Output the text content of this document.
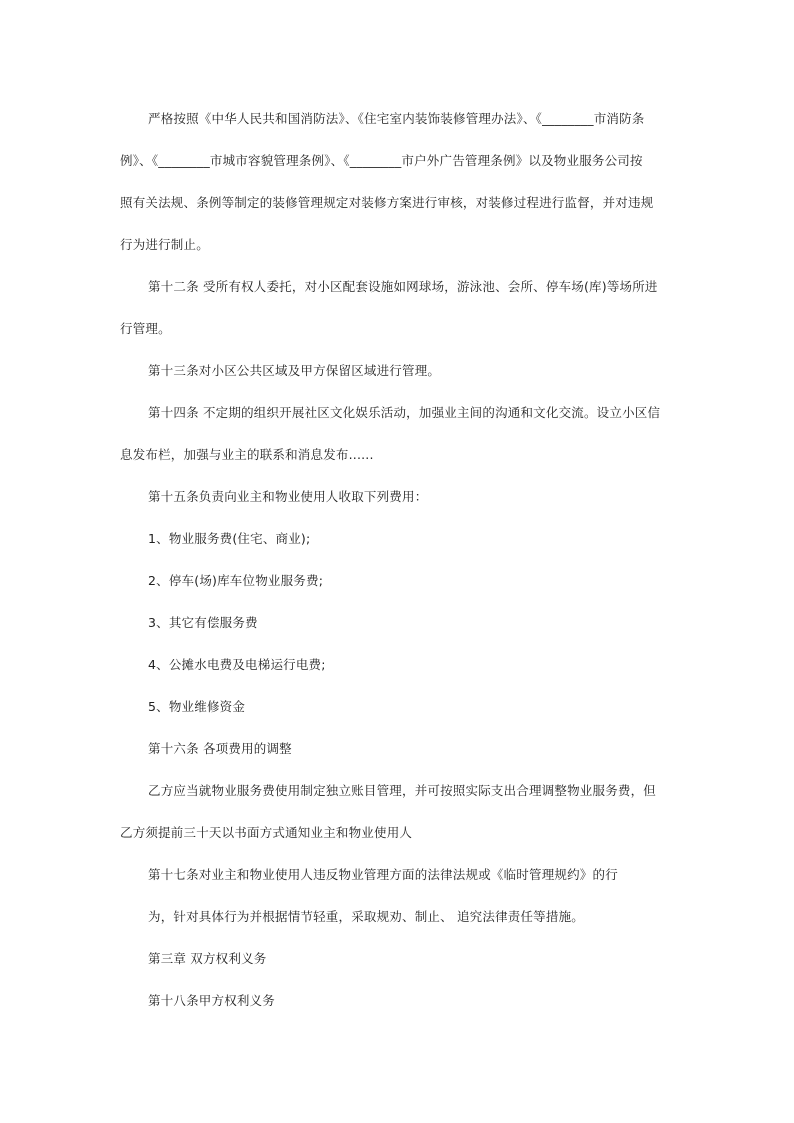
严格按照《中华人民共和国消防法》、《住宅室内装饰装修管理办法》、《________市消防条
例》、《________市城市容貌管理条例》、《________市户外广告管理条例》以及物业服务公司按
照有关法规、条例等制定的装修管理规定对装修方案进行审核，对装修过程进行监督，并对违规
行为进行制止。
第十二条 受所有权人委托，对小区配套设施如网球场，游泳池、会所、停车场(库)等场所进
行管理。
第十三条对小区公共区域及甲方保留区域进行管理。
第十四条 不定期的组织开展社区文化娱乐活动，加强业主间的沟通和文化交流。设立小区信
息发布栏，加强与业主的联系和消息发布......
第十五条负责向业主和物业使用人收取下列费用：
1、物业服务费(住宅、商业);
2、停车(场)库车位物业服务费;
3、其它有偿服务费
4、公摊水电费及电梯运行电费;
5、物业维修资金
第十六条 各项费用的调整
乙方应当就物业服务费使用制定独立账目管理，并可按照实际支出合理调整物业服务费，但
乙方须提前三十天以书面方式通知业主和物业使用人
第十七条对业主和物业使用人违反物业管理方面的法律法规或《临时管理规约》的行
为，针对具体行为并根据情节轻重，采取规劝、制止、 追究法律责任等措施。
第三章 双方权利义务
第十八条甲方权利义务
